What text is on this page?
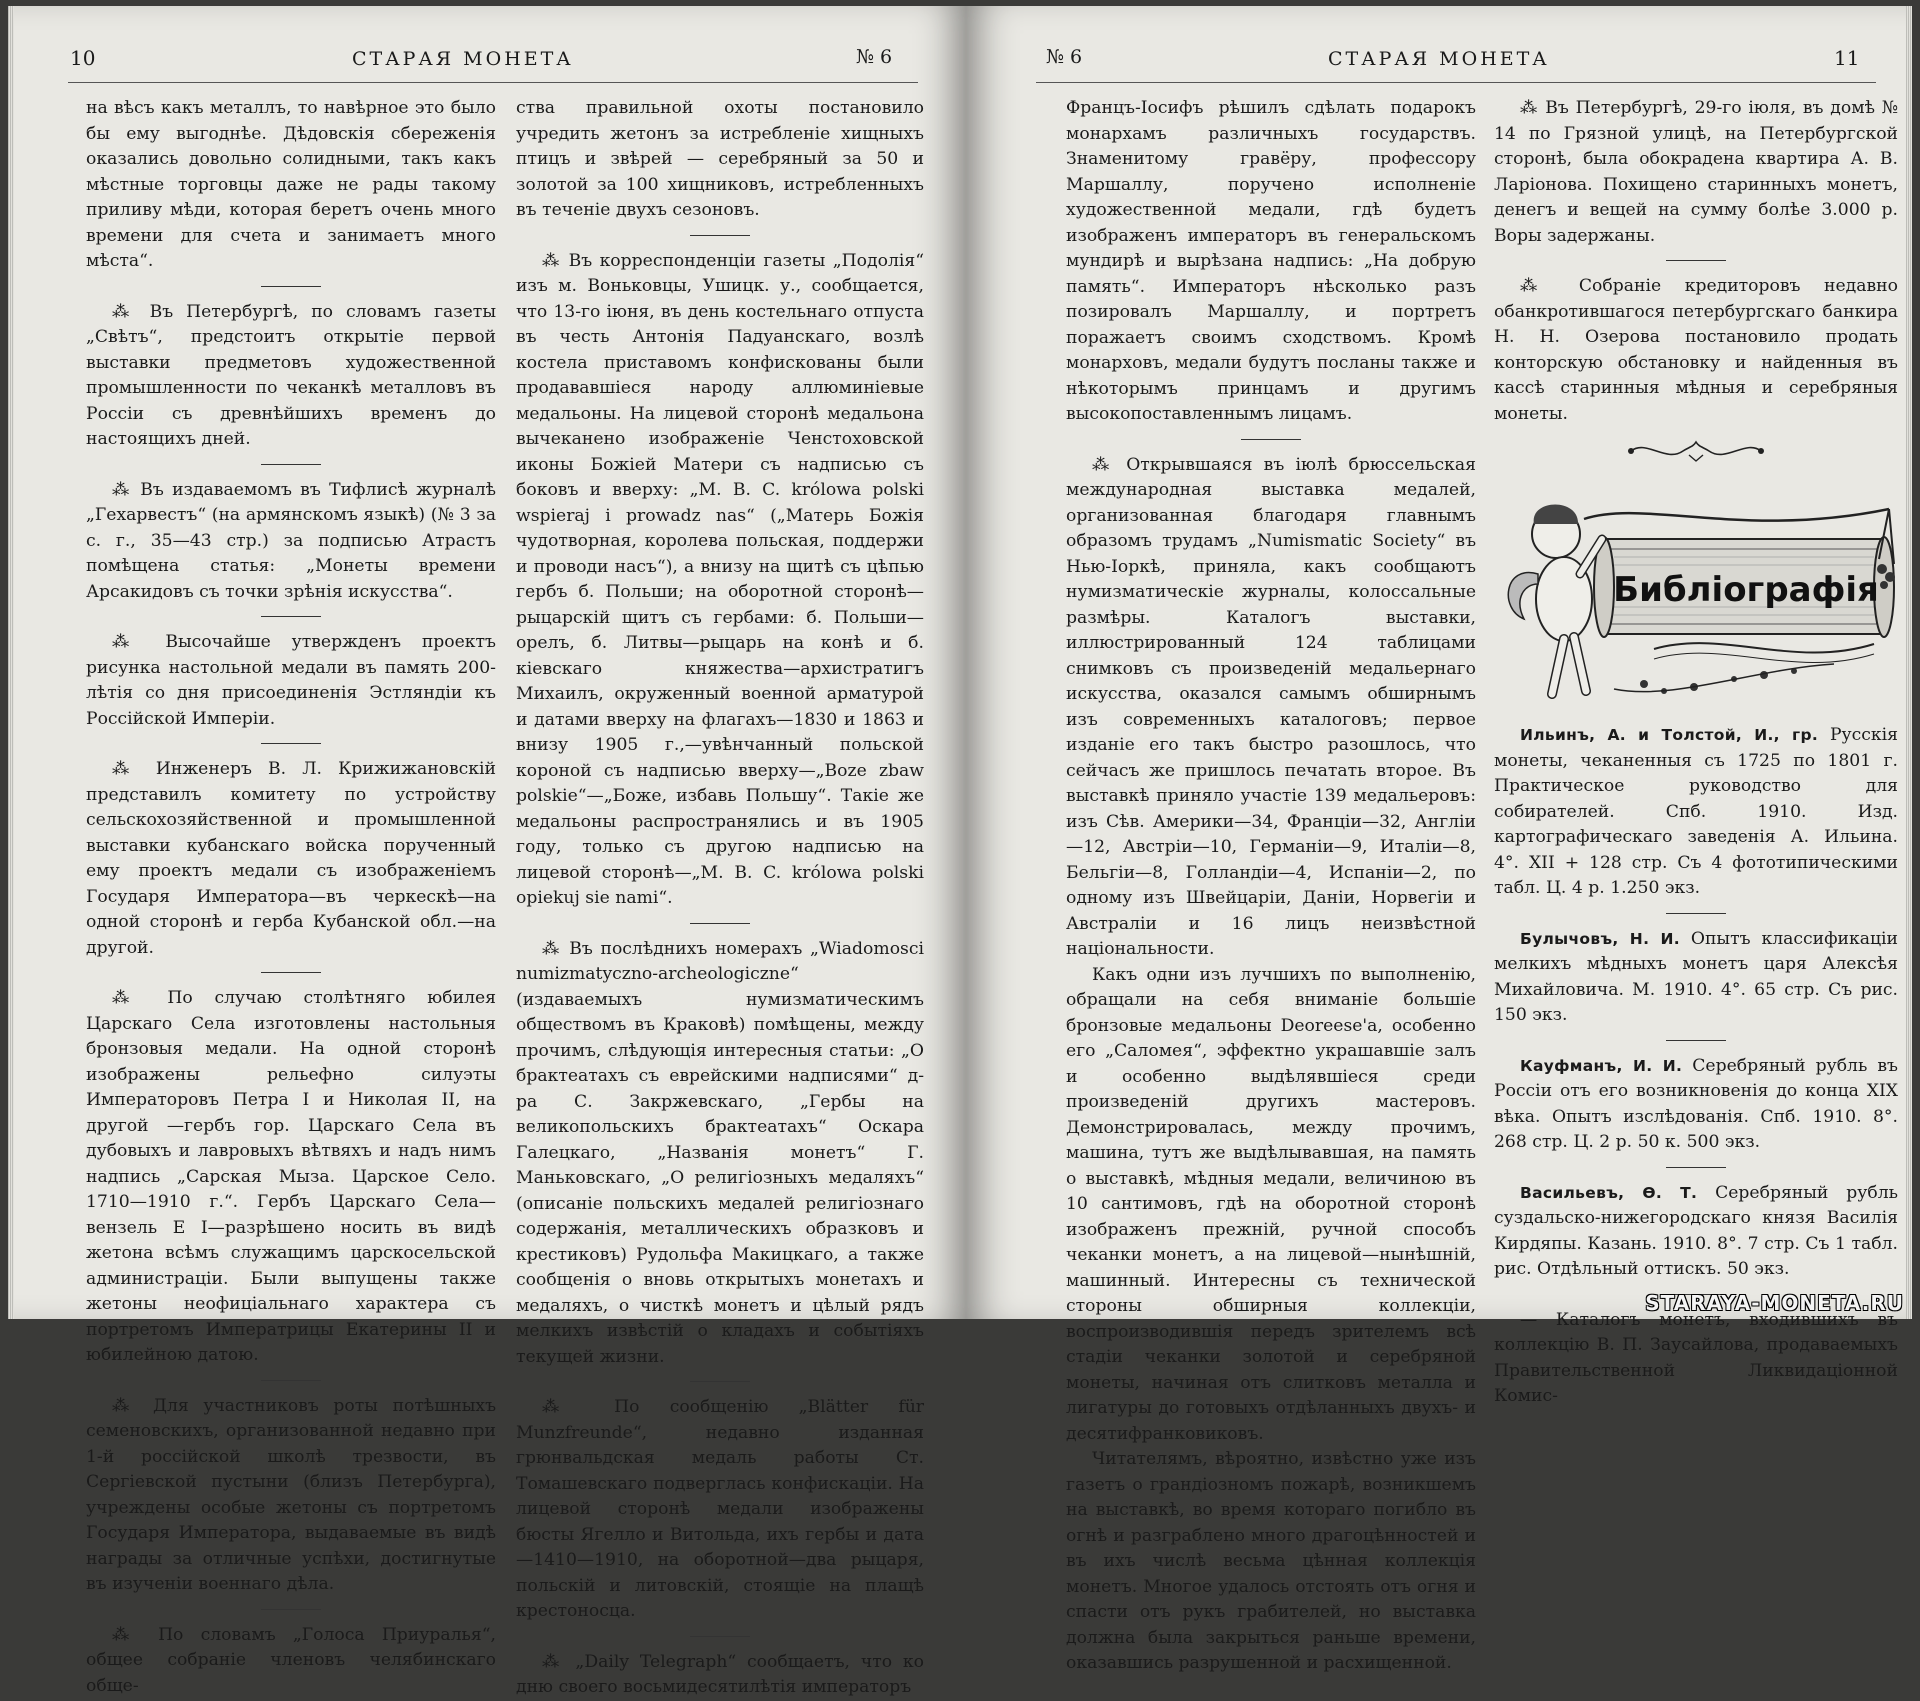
10	СТАРАЯ МОНЕТА	№ 6

на вѣсъ какъ металлъ, то навѣрное это было бы ему выгоднѣе. Дѣдовскія сбереженія оказались довольно солидными, такъ какъ мѣстные торговцы даже не рады такому приливу мѣди, которая беретъ очень много времени для счета и занимаетъ много мѣста“.

⁂ Въ Петербургѣ, по словамъ газеты „Свѣтъ“, предстоитъ открытіе первой выставки предметовъ художественной промышленности по чеканкѣ металловъ въ Россіи съ древнѣйшихъ временъ до настоящихъ дней.

⁂ Въ издаваемомъ въ Тифлисѣ журналѣ „Гехарвестъ“ (на армянскомъ языкѣ) (№ 3 за с. г., 35—43 стр.) за подписью Атрастъ помѣщена статья: „Монеты времени Арсакидовъ съ точки зрѣнія искусства“.

⁂ Высочайше утвержденъ проектъ рисунка настольной медали въ память 200-лѣтія со дня присоединенія Эстляндіи къ Россійской Имперіи.

⁂ Инженеръ В. Л. Крижижановскій представилъ комитету по устройству сельскохозяйственной и промышленной выставки кубанскаго войска порученный ему проектъ медали съ изображеніемъ Государя Императора—въ черкескѣ—на одной сторонѣ и герба Кубанской обл.—на другой.

⁂ По случаю столѣтняго юбилея Царскаго Села изготовлены настольныя бронзовыя медали. На одной сторонѣ изображены рельефно силуэты Императоровъ Петра I и Николая II, на другой —гербъ гор. Царскаго Села въ дубовыхъ и лавровыхъ вѣтвяхъ и надъ нимъ надпись „Сарская Мыза. Царское Село. 1710—1910 г.“. Гербъ Царскаго Села—вензель Е I—разрѣшено носить въ видѣ жетона всѣмъ служащимъ царскосельской администраціи. Были выпущены также жетоны неофиціальнаго характера съ портретомъ Императрицы Екатерины II и юбилейною датою.

⁂ Для участниковъ роты потѣшныхъ семеновскихъ, организованной недавно при 1-й россійской школѣ трезвости, въ Сергіевской пустыни (близъ Петербурга), учреждены особые жетоны съ портретомъ Государя Императора, выдаваемые въ видѣ награды за отличные успѣхи, достигнутые въ изученіи военнаго дѣла.

⁂ По словамъ „Голоса Приуралья“, общее собраніе членовъ челябинскаго обще-

ства правильной охоты постановило учредить жетонъ за истребленіе хищныхъ птицъ и звѣрей — серебряный за 50 и золотой за 100 хищниковъ, истребленныхъ въ теченіе двухъ сезоновъ.

⁂ Въ корреспонденціи газеты „Подолія“ изъ м. Воньковцы, Ушицк. у., сообщается, что 13-го іюня, въ день костельнаго отпуста въ честь Антонія Падуанскаго, возлѣ костела приставомъ конфискованы были продававшіеся народу аллюминіевые медальоны. На лицевой сторонѣ медальона вычеканено изображеніе Ченстоховской иконы Божіей Матери съ надписью съ боковъ и вверху: „M. B. C. królowa polski wspieraj i prowadz nas“ („Матерь Божія чудотворная, королева польская, поддержи и проводи насъ“), а внизу на щитѣ съ цѣпью гербъ б. Польши; на оборотной сторонѣ—рыцарскій щитъ съ гербами: б. Польши—орелъ, б. Литвы—рыцарь на конѣ и б. кіевскаго княжества—архистратигъ Михаилъ, окруженный военной арматурой и датами вверху на флагахъ—1830 и 1863 и внизу 1905 г.,—увѣнчанный польской короной съ надписью вверху—„Boze zbaw polskie“—„Боже, избавь Польшу“. Такіе же медальоны распространялись и въ 1905 году, только съ другою надписью на лицевой сторонѣ—„M. B. C. królowa polski opiekuj sie nami“.

⁂ Въ послѣднихъ номерахъ „Wiadomosci numizmatyczno-archeologiczne“ (издаваемыхъ нумизматическимъ обществомъ въ Краковѣ) помѣщены, между прочимъ, слѣдующія интересныя статьи: „О брактеатахъ съ еврейскими надписями“ д-ра С. Закржевскаго, „Гербы на великопольскихъ брактеатахъ“ Оскара Галецкаго, „Названія монетъ“ Г. Маньковскаго, „О религіозныхъ медаляхъ“ (описаніе польскихъ медалей религіознаго содержанія, металлическихъ образковъ и крестиковъ) Рудольфа Макицкаго, а также сообщенія о вновь открытыхъ монетахъ и медаляхъ, о чисткѣ монетъ и цѣлый рядъ мелкихъ извѣстій о кладахъ и событіяхъ текущей жизни.

⁂ По сообщенію „Blätter für Munzfreunde“, недавно изданная грюнвальдская медаль работы Ст. Томашевскаго подверглась конфискаціи. На лицевой сторонѣ медали изображены бюсты Ягелло и Витольда, ихъ гербы и дата—1410—1910, на оборотной—два рыцаря, польскій и литовскій, стоящіе на плащѣ крестоносца.

⁂ „Daily Telegraph“ сообщаетъ, что ко дню своего восьмидесятилѣтія императоръ

№ 6	СТАРАЯ МОНЕТА	11

Францъ-Іосифъ рѣшилъ сдѣлать подарокъ монархамъ различныхъ государствъ. Знаменитому гравёру, профессору Маршаллу, поручено исполненіе художественной медали, гдѣ будетъ изображенъ императоръ въ генеральскомъ мундирѣ и вырѣзана надпись: „На добрую память“. Императоръ нѣсколько разъ позировалъ Маршаллу, и портретъ поражаетъ своимъ сходствомъ. Кромѣ монарховъ, медали будутъ посланы также и нѣкоторымъ принцамъ и другимъ высокопоставленнымъ лицамъ.

⁂ Открывшаяся въ іюлѣ брюссельская международная выставка медалей, организованная благодаря главнымъ образомъ трудамъ „Numismatic Society“ въ Нью-Іоркѣ, приняла, какъ сообщаютъ нумизматическіе журналы, колоссальные размѣры. Каталогъ выставки, иллюстрированный 124 таблицами снимковъ съ произведеній медальернаго искусства, оказался самымъ обширнымъ изъ современныхъ каталоговъ; первое изданіе его такъ быстро разошлось, что сейчасъ же пришлось печатать второе. Въ выставкѣ приняло участіе 139 медальеровъ: изъ Сѣв. Америки—34, Франціи—32, Англіи—12, Австріи—10, Германіи—9, Италіи—8, Бельгіи—8, Голландіи—4, Испаніи—2, по одному изъ Швейцаріи, Даніи, Норвегіи и Австраліи и 16 лицъ неизвѣстной національности.

Какъ одни изъ лучшихъ по выполненію, обращали на себя вниманіе большіе бронзовые медальоны Deoreese'а, особенно его „Саломея“, эффектно украшавшіе залъ и особенно выдѣлявшіеся среди произведеній другихъ мастеровъ. Демонстрировалась, между прочимъ, машина, тутъ же выдѣлывавшая, на память о выставкѣ, мѣдныя медали, величиною въ 10 сантимовъ, гдѣ на оборотной сторонѣ изображенъ прежній, ручной способъ чеканки монетъ, а на лицевой—нынѣшній, машинный. Интересны съ технической стороны обширныя коллекціи, воспроизводившія передъ зрителемъ всѣ стадіи чеканки золотой и серебряной монеты, начиная отъ слитковъ металла и лигатуры до готовыхъ отдѣланныхъ двухъ- и десятифранковиковъ.

Читателямъ, вѣроятно, извѣстно уже изъ газетъ о грандіозномъ пожарѣ, возникшемъ на выставкѣ, во время котораго погибло въ огнѣ и разграблено много драгоцѣнностей и въ ихъ числѣ весьма цѣнная коллекція монетъ. Многое удалось отстоять отъ огня и спасти отъ рукъ грабителей, но выставка должна была закрыться раньше времени, оказавшись разрушенной и расхищенной.

⁂ Въ Петербургѣ, 29-го іюля, въ домѣ № 14 по Грязной улицѣ, на Петербургской сторонѣ, была обокрадена квартира А. В. Ларіонова. Похищено старинныхъ монетъ, денегъ и вещей на сумму болѣе 3.000 р. Воры задержаны.

⁂ Собраніе кредиторовъ недавно обанкротившагося петербургскаго банкира Н. Н. Озерова постановило продать конторскую обстановку и найденныя въ кассѣ старинныя мѣдныя и серебряныя монеты.

Библіографія

Ильинъ, А. и Толстой, И., гр. Русскія монеты, чеканенныя съ 1725 по 1801 г. Практическое руководство для собирателей. Спб. 1910. Изд. картографическаго заведенія А. Ильина. 4°. XII + 128 стр. Съ 4 фототипическими табл. Ц. 4 р. 1.250 экз.

Булычовъ, Н. И. Опытъ классификаціи мелкихъ мѣдныхъ монетъ царя Алексѣя Михайловича. М. 1910. 4°. 65 стр. Съ рис. 150 экз.

Кауфманъ, И. И. Серебряный рубль въ Россіи отъ его возникновенія до конца XIX вѣка. Опытъ изслѣдованія. Спб. 1910. 8°. 268 стр. Ц. 2 р. 50 к. 500 экз.

Васильевъ, Ѳ. Т. Серебряный рубль суздальско-нижегородскаго князя Василія Кирдяпы. Казань. 1910. 8°. 7 стр. Съ 1 табл. рис. Отдѣльный оттискъ. 50 экз.

— Каталогъ монетъ, входившихъ въ коллекцію В. П. Заусайлова, продаваемыхъ Правительственной Ликвидаціонной Комис-

STARAYA-MONETA.RU
